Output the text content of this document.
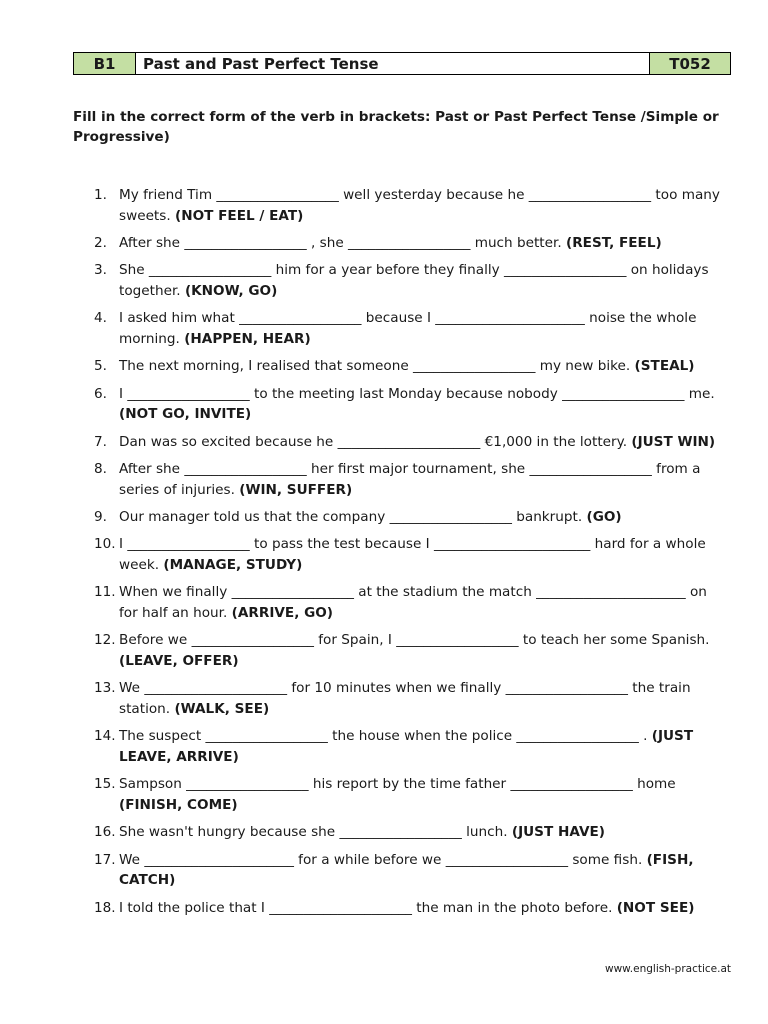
B1	Past and Past Perfect Tense	T052
Fill in the correct form of the verb in brackets: Past or Past Perfect Tense /Simple or Progressive)
1. My friend Tim __________________ well yesterday because he __________________ too many sweets. (NOT FEEL / EAT)
2. After she __________________ , she __________________ much better. (REST, FEEL)
3. She __________________ him for a year before they finally __________________ on holidays together. (KNOW, GO)
4. I asked him what __________________ because I ______________________ noise the whole morning. (HAPPEN, HEAR)
5. The next morning, I realised that someone __________________ my new bike. (STEAL)
6. I __________________ to the meeting last Monday because nobody __________________ me. (NOT GO, INVITE)
7. Dan was so excited because he _____________________ €1,000 in the lottery. (JUST WIN)
8. After she __________________ her first major tournament, she __________________ from a series of injuries. (WIN, SUFFER)
9. Our manager told us that the company __________________ bankrupt. (GO)
10. I __________________ to pass the test because I _______________________ hard for a whole week. (MANAGE, STUDY)
11. When we finally __________________ at the stadium the match ______________________ on for half an hour. (ARRIVE, GO)
12. Before we __________________ for Spain, I __________________ to teach her some Spanish. (LEAVE, OFFER)
13. We _____________________ for 10 minutes when we finally __________________ the train station. (WALK, SEE)
14. The suspect __________________ the house when the police __________________ . (JUST LEAVE, ARRIVE)
15. Sampson __________________ his report by the time father __________________ home (FINISH, COME)
16. She wasn't hungry because she __________________ lunch. (JUST HAVE)
17. We ______________________ for a while before we __________________ some fish. (FISH, CATCH)
18. I told the police that I _____________________ the man in the photo before. (NOT SEE)
www.english-practice.at
